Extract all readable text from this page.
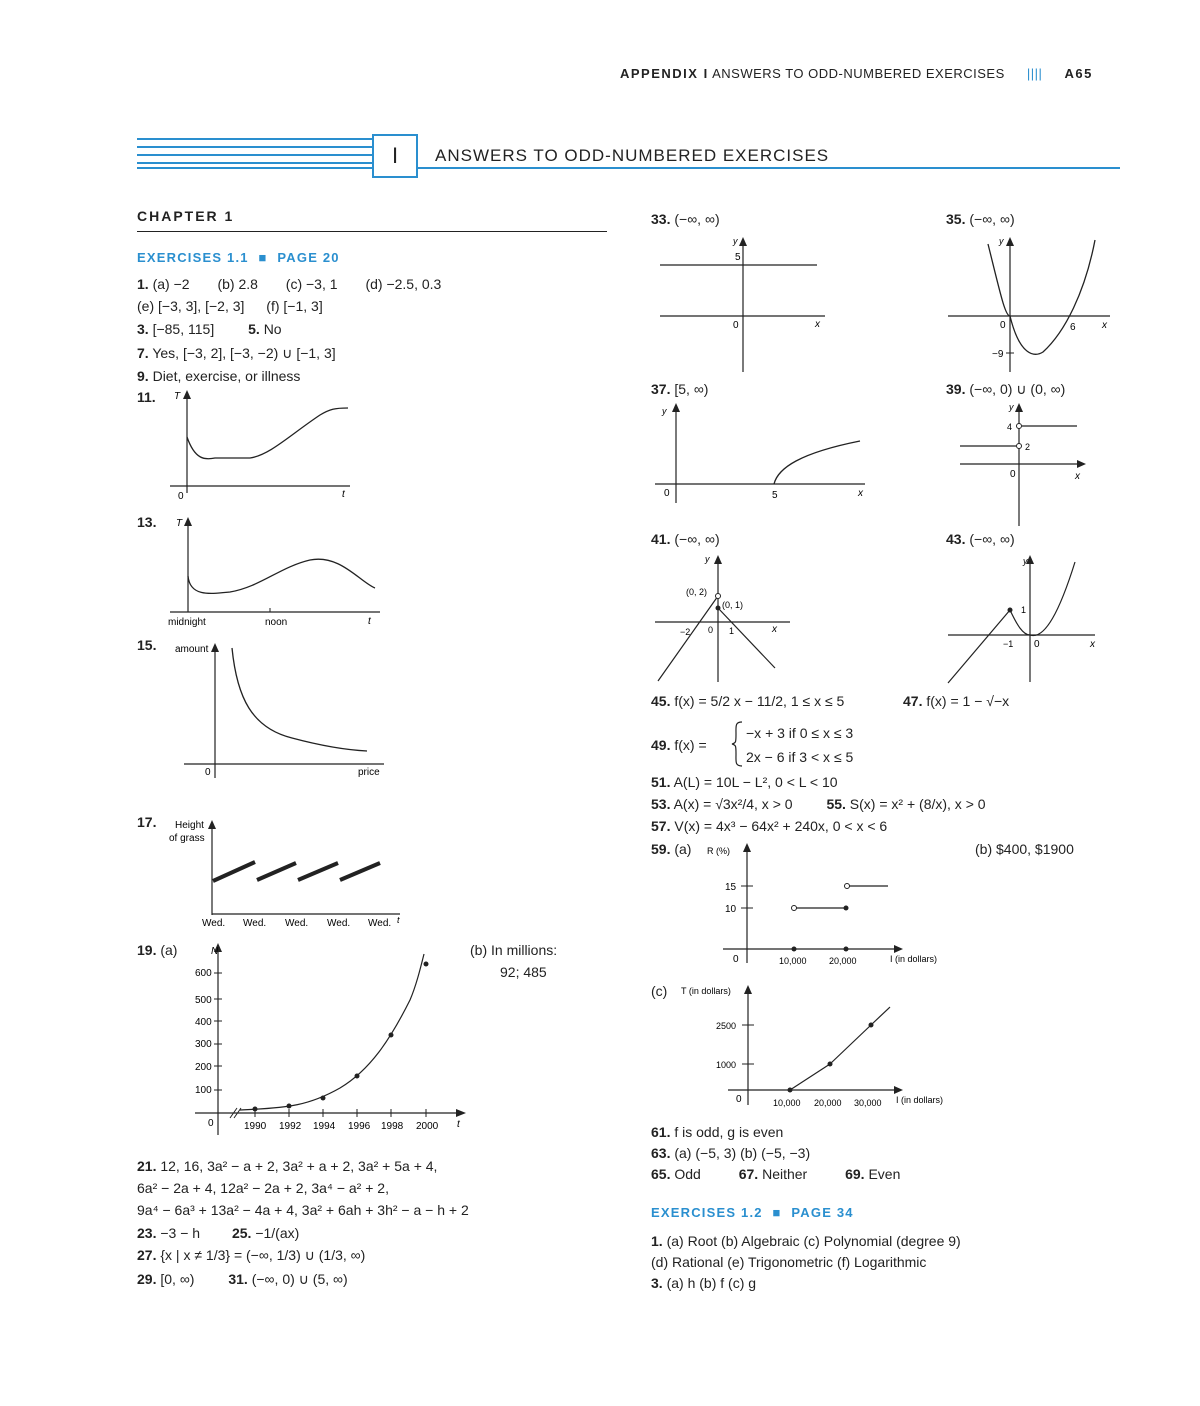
APPENDIX I ANSWERS TO ODD-NUMBERED EXERCISES |||| A65
I	ANSWERS TO ODD-NUMBERED EXERCISES
CHAPTER 1
EXERCISES 1.1 ■ PAGE 20
1. (a) −2 (b) 2.8 (c) −3, 1 (d) −2.5, 0.3
(e) [−3, 3], [−2, 3] (f) [−1, 3]
3. [−85, 115] 5. No
7. Yes, [−3, 2], [−3, −2) ∪ [−1, 3]
9. Diet, exercise, or illness
11. T
0	t
13. T
midnight	noon	t
15. amount
0	price
17. Height
of grass
Wed. Wed. Wed. Wed. Wed. t
19. (a)	N
600
500
400
300
200
100
0	1990 1992 1994 1996 1998 2000 t
(b) In millions:
92; 485
21. 12, 16, 3a² − a + 2, 3a² + a + 2, 3a² + 5a + 4,
6a² − 2a + 4, 12a² − 2a + 2, 3a⁴ − a² + 2,
9a⁴ − 6a³ + 13a² − 4a + 4, 3a² + 6ah + 3h² − a − h + 2
23. −3 − h 25. −1/(ax)
27. {x | x ≠ 1/3} = (−∞, 1/3) ∪ (1/3, ∞)
29. [0, ∞) 31. (−∞, 0) ∪ (5, ∞)
33. (−∞, ∞)
y
5
0	x
35. (−∞, ∞)
y
0	6
−9
x
37. [5, ∞)
y
0	5	x
39. (−∞, 0) ∪ (0, ∞)
y
4
2
0	x
41. (−∞, ∞)
y
(0, 2)
(0, 1)
−2 0 1	x
43. (−∞, ∞)
y
1
−1 0	x
45. f(x) = 5/2 x − 11/2, 1 ≤ x ≤ 5	47. f(x) = 1 − √−x
49. f(x) =
−x + 3 if 0 ≤ x ≤ 3
2x − 6 if 3 < x ≤ 5
51. A(L) = 10L − L², 0 < L < 10
53. A(x) = √3x²/4, x > 0 55. S(x) = x² + (8/x), x > 0
57. V(x) = 4x³ − 64x² + 240x, 0 < x < 6
59. (a)	(b) $400, $1900
R (%)
15
10
0	10,000 20,000	I (in dollars)
(c) T (in dollars)
2500
1000
0	10,000 20,000 30,000 I (in dollars)
61. f is odd, g is even
63. (a) (−5, 3) (b) (−5, −3)
65. Odd	67. Neither	69. Even
EXERCISES 1.2 ■ PAGE 34
1. (a) Root (b) Algebraic (c) Polynomial (degree 9)
(d) Rational (e) Trigonometric (f) Logarithmic
3. (a) h (b) f (c) g
